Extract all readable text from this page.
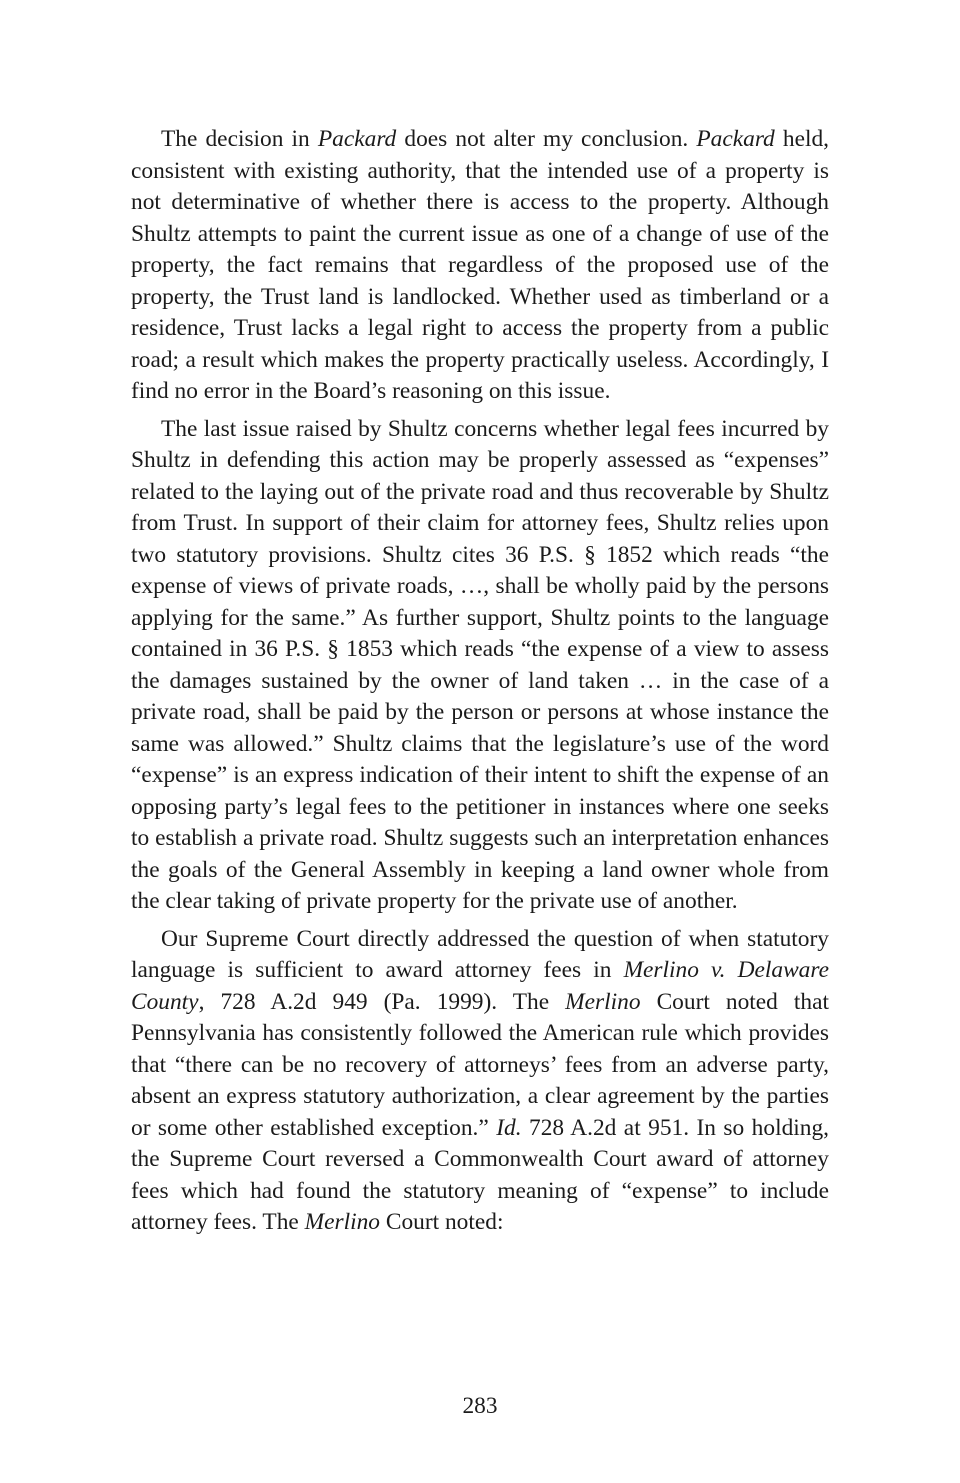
The decision in Packard does not alter my conclusion. Packard held, consistent with existing authority, that the intended use of a property is not determinative of whether there is access to the property. Although Shultz attempts to paint the current issue as one of a change of use of the property, the fact remains that regardless of the proposed use of the property, the Trust land is landlocked. Whether used as timberland or a residence, Trust lacks a legal right to access the property from a public road; a result which makes the property practically useless. Accordingly, I find no error in the Board’s reasoning on this issue.

The last issue raised by Shultz concerns whether legal fees incurred by Shultz in defending this action may be properly assessed as “expenses” related to the laying out of the private road and thus recoverable by Shultz from Trust. In support of their claim for attorney fees, Shultz relies upon two statutory provisions. Shultz cites 36 P.S. § 1852 which reads “the expense of views of private roads, …, shall be wholly paid by the persons applying for the same.” As further support, Shultz points to the language contained in 36 P.S. § 1853 which reads “the expense of a view to assess the damages sustained by the owner of land taken … in the case of a private road, shall be paid by the person or persons at whose instance the same was allowed.” Shultz claims that the legislature’s use of the word “expense” is an express indication of their intent to shift the expense of an opposing party’s legal fees to the petitioner in instances where one seeks to establish a private road. Shultz suggests such an interpretation enhances the goals of the General Assembly in keeping a land owner whole from the clear taking of private property for the private use of another.

Our Supreme Court directly addressed the question of when statutory language is sufficient to award attorney fees in Merlino v. Delaware County, 728 A.2d 949 (Pa. 1999). The Merlino Court noted that Pennsylvania has consistently followed the American rule which provides that “there can be no recovery of attorneys’ fees from an adverse party, absent an express statutory authorization, a clear agreement by the parties or some other established exception.” Id. 728 A.2d at 951. In so holding, the Supreme Court reversed a Commonwealth Court award of attorney fees which had found the statutory meaning of “expense” to include attorney fees. The Merlino Court noted:

283
